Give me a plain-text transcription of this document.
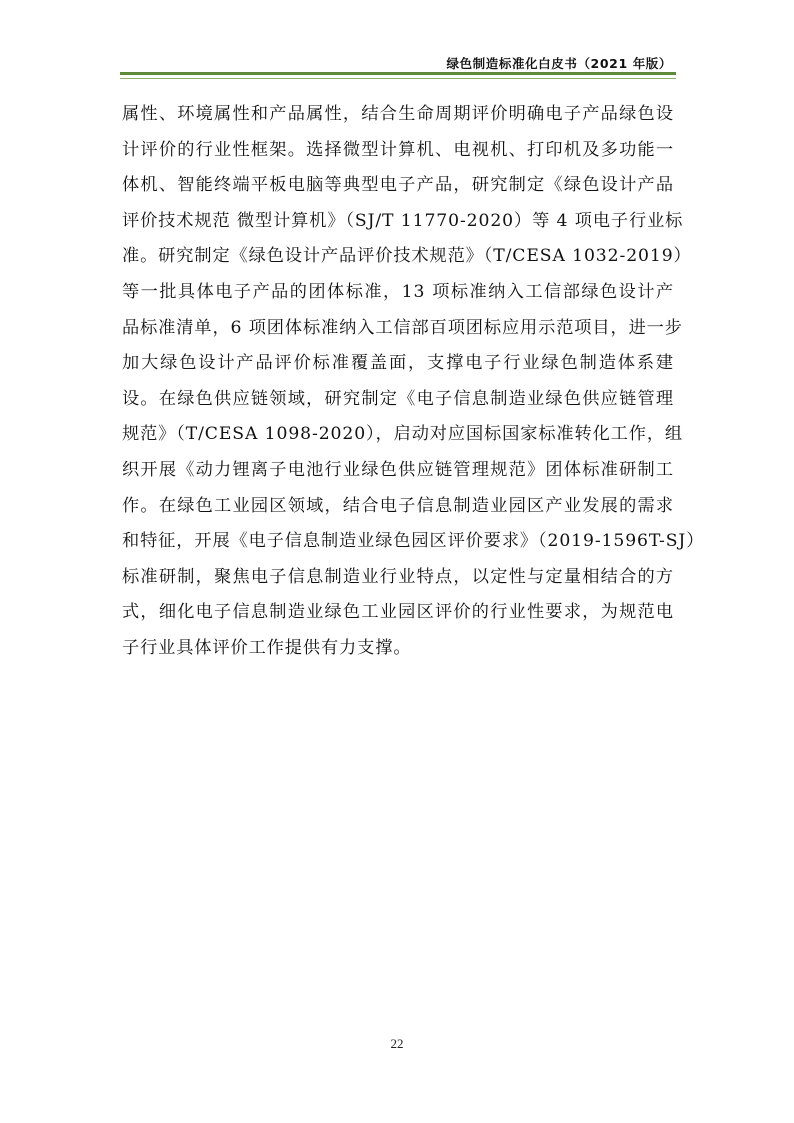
绿色制造标准化白皮书（2021 年版）
属性、环境属性和产品属性，结合生命周期评价明确电子产品绿色设
计评价的行业性框架。选择微型计算机、电视机、打印机及多功能一
体机、智能终端平板电脑等典型电子产品，研究制定《绿色设计产品
评价技术规范 微型计算机》（SJ/T 11770-2020）等 4 项电子行业标
准。研究制定《绿色设计产品评价技术规范》（T/CESA 1032-2019）
等一批具体电子产品的团体标准，13 项标准纳入工信部绿色设计产
品标准清单，6 项团体标准纳入工信部百项团标应用示范项目，进一步
加大绿色设计产品评价标准覆盖面，支撑电子行业绿色制造体系建
设。在绿色供应链领域，研究制定《电子信息制造业绿色供应链管理
规范》（T/CESA 1098-2020），启动对应国标国家标准转化工作，组
织开展《动力锂离子电池行业绿色供应链管理规范》团体标准研制工
作。在绿色工业园区领域，结合电子信息制造业园区产业发展的需求
和特征，开展《电子信息制造业绿色园区评价要求》（2019-1596T-SJ）
标准研制，聚焦电子信息制造业行业特点，以定性与定量相结合的方
式，细化电子信息制造业绿色工业园区评价的行业性要求，为规范电
子行业具体评价工作提供有力支撑。
22
